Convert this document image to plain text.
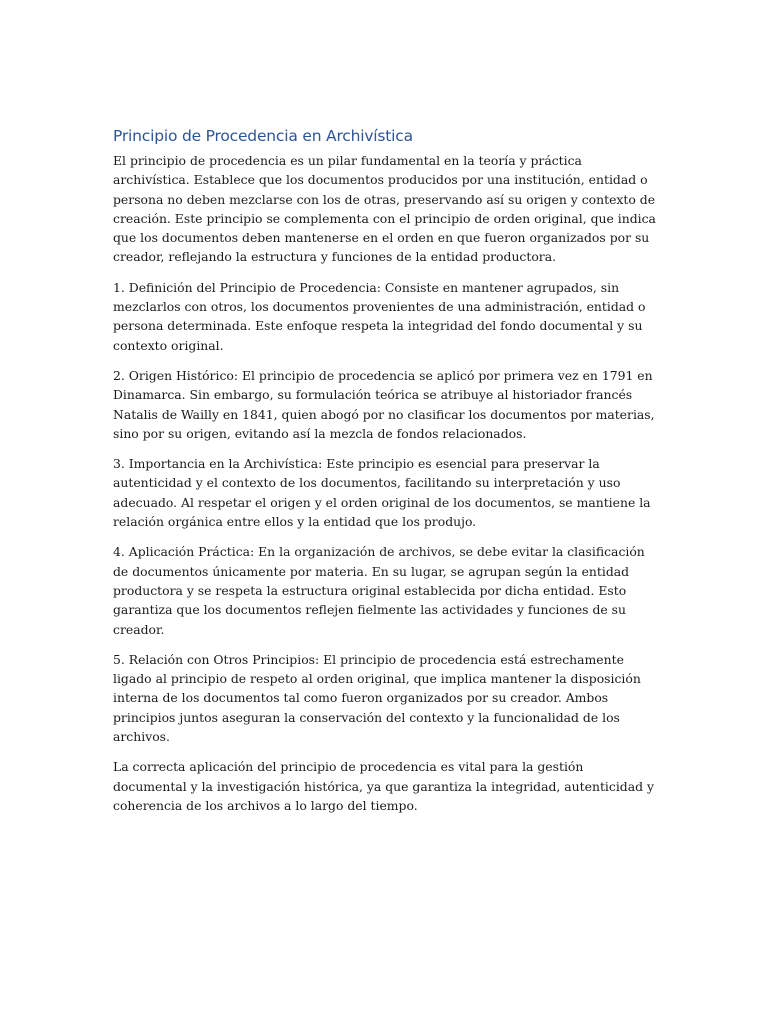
Principio de Procedencia en Archivística

El principio de procedencia es un pilar fundamental en la teoría y práctica archivística. Establece que los documentos producidos por una institución, entidad o persona no deben mezclarse con los de otras, preservando así su origen y contexto de creación. Este principio se complementa con el principio de orden original, que indica que los documentos deben mantenerse en el orden en que fueron organizados por su creador, reflejando la estructura y funciones de la entidad productora.

1. Definición del Principio de Procedencia: Consiste en mantener agrupados, sin mezclarlos con otros, los documentos provenientes de una administración, entidad o persona determinada. Este enfoque respeta la integridad del fondo documental y su contexto original.

2. Origen Histórico: El principio de procedencia se aplicó por primera vez en 1791 en Dinamarca. Sin embargo, su formulación teórica se atribuye al historiador francés Natalis de Wailly en 1841, quien abogó por no clasificar los documentos por materias, sino por su origen, evitando así la mezcla de fondos relacionados.

3. Importancia en la Archivística: Este principio es esencial para preservar la autenticidad y el contexto de los documentos, facilitando su interpretación y uso adecuado. Al respetar el origen y el orden original de los documentos, se mantiene la relación orgánica entre ellos y la entidad que los produjo.

4. Aplicación Práctica: En la organización de archivos, se debe evitar la clasificación de documentos únicamente por materia. En su lugar, se agrupan según la entidad productora y se respeta la estructura original establecida por dicha entidad. Esto garantiza que los documentos reflejen fielmente las actividades y funciones de su creador.

5. Relación con Otros Principios: El principio de procedencia está estrechamente ligado al principio de respeto al orden original, que implica mantener la disposición interna de los documentos tal como fueron organizados por su creador. Ambos principios juntos aseguran la conservación del contexto y la funcionalidad de los archivos.

La correcta aplicación del principio de procedencia es vital para la gestión documental y la investigación histórica, ya que garantiza la integridad, autenticidad y coherencia de los archivos a lo largo del tiempo.
